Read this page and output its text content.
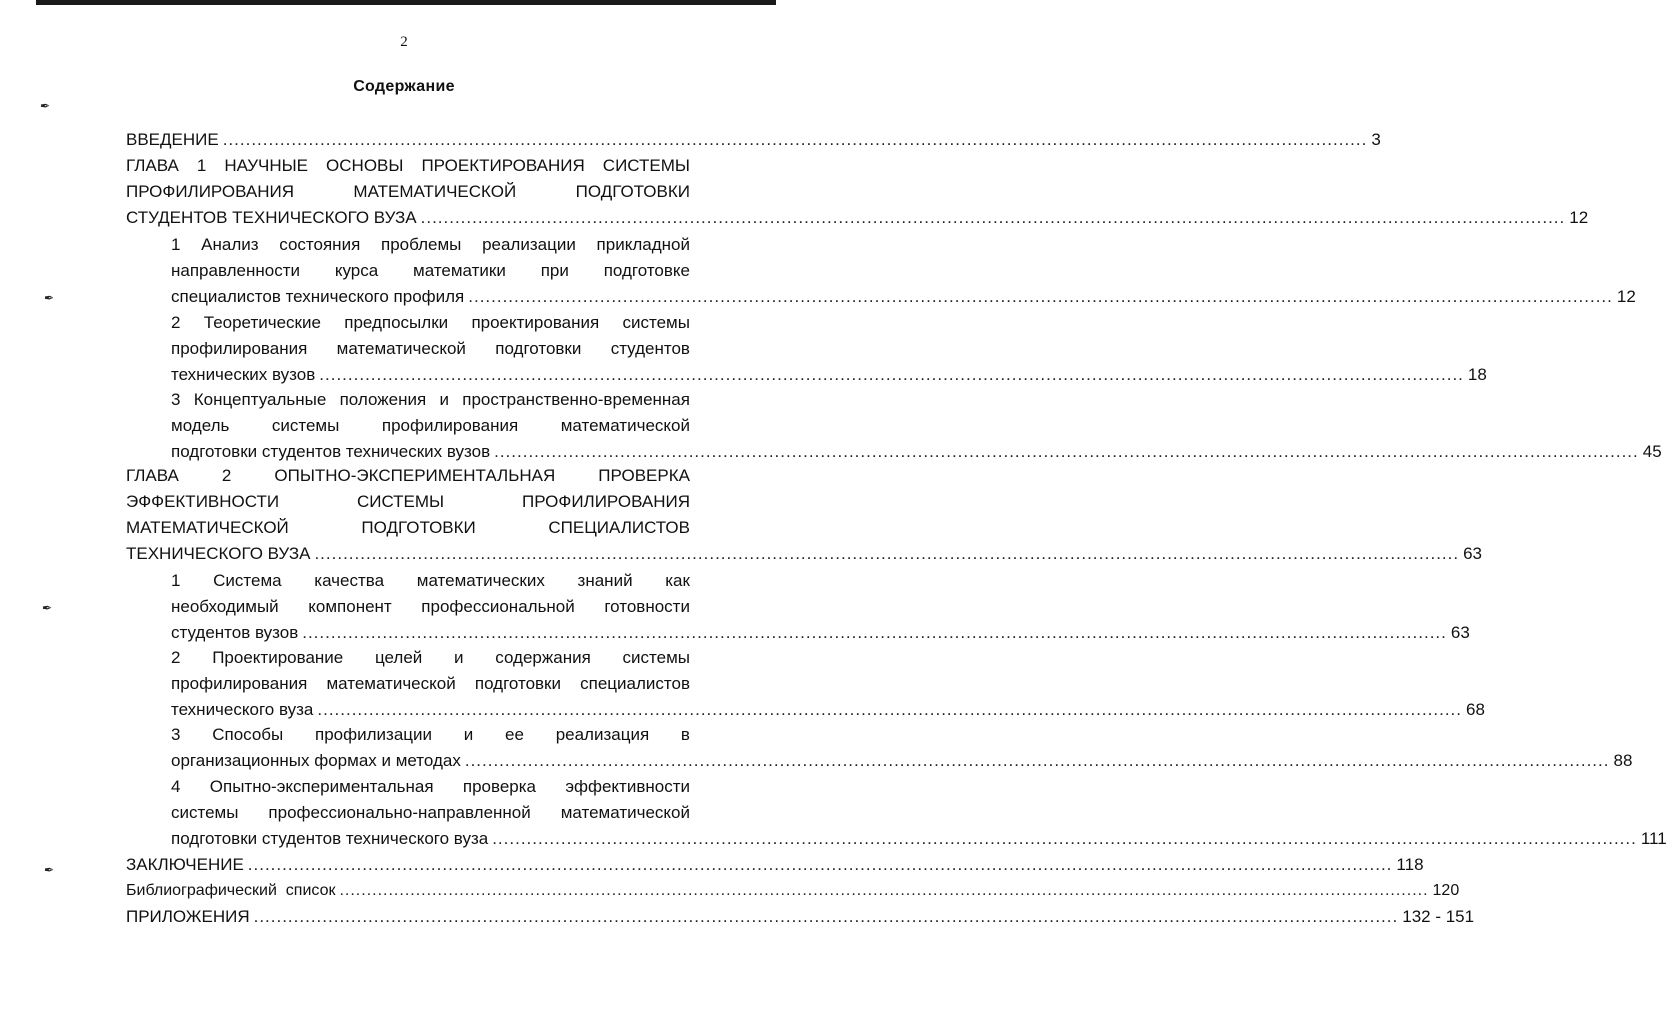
2
Содержание
✒
✒
✒
✒
ВВЕДЕНИЕ ........................................................................................................................................................................................................ 3
ГЛАВА 1 НАУЧНЫЕ ОСНОВЫ ПРОЕКТИРОВАНИЯ СИСТЕМЫ
ПРОФИЛИРОВАНИЯ	МАТЕМАТИЧЕСКОЙ	ПОДГОТОВКИ
СТУДЕНТОВ ТЕХНИЧЕСКОГО ВУЗА ........................................................................................................................................................................................................ 12
1 Анализ состояния проблемы реализации прикладной
направленности курса математики при подготовке
специалистов технического профиля ........................................................................................................................................................................................................ 12
2 Теоретические предпосылки проектирования системы
профилирования математической подготовки студентов
технических вузов ........................................................................................................................................................................................................ 18
3 Концептуальные положения и пространственно-временная
модель	системы	профилирования	математической
подготовки студентов технических вузов ........................................................................................................................................................................................................ 45
ГЛАВА	2	ОПЫТНО-ЭКСПЕРИМЕНТАЛЬНАЯ	ПРОВЕРКА
ЭФФЕКТИВНОСТИ	СИСТЕМЫ	ПРОФИЛИРОВАНИЯ
МАТЕМАТИЧЕСКОЙ	ПОДГОТОВКИ	СПЕЦИАЛИСТОВ
ТЕХНИЧЕСКОГО ВУЗА ........................................................................................................................................................................................................ 63
1 Система качества математических знаний как
необходимый компонент профессиональной готовности
студентов вузов ........................................................................................................................................................................................................ 63
2 Проектирование целей и содержания системы
профилирования математической подготовки специалистов
технического вуза ........................................................................................................................................................................................................ 68
3 Способы профилизации и ее реализация в
организационных формах и методах ........................................................................................................................................................................................................ 88
4 Опытно-экспериментальная проверка эффективности
системы профессионально-направленной математической
подготовки студентов технического вуза ........................................................................................................................................................................................................ 111
ЗАКЛЮЧЕНИЕ ........................................................................................................................................................................................................ 118
Библиографический  список ........................................................................................................................................................................................................ 120
ПРИЛОЖЕНИЯ ........................................................................................................................................................................................................ 132 - 151
